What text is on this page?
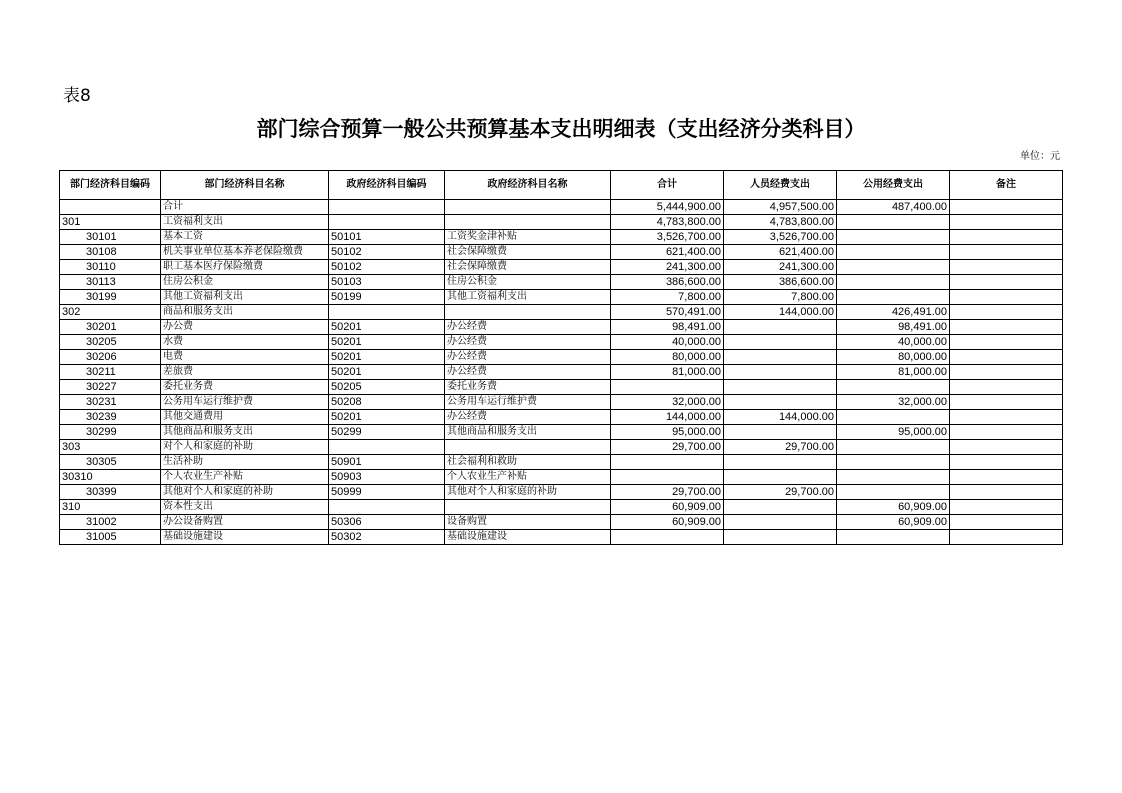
表8
部门综合预算一般公共预算基本支出明细表（支出经济分类科目）
单位：元
部门经济科目编码	部门经济科目名称	政府经济科目编码	政府经济科目名称	合计	人员经费支出	公用经费支出	备注
	合计			5,444,900.00	4,957,500.00	487,400.00	
301	工资福利支出			4,783,800.00	4,783,800.00		
30101	基本工资	50101	工资奖金津补贴	3,526,700.00	3,526,700.00		
30108	机关事业单位基本养老保险缴费	50102	社会保障缴费	621,400.00	621,400.00		
30110	职工基本医疗保险缴费	50102	社会保障缴费	241,300.00	241,300.00		
30113	住房公积金	50103	住房公积金	386,600.00	386,600.00		
30199	其他工资福利支出	50199	其他工资福利支出	7,800.00	7,800.00		
302	商品和服务支出			570,491.00	144,000.00	426,491.00	
30201	办公费	50201	办公经费	98,491.00		98,491.00	
30205	水费	50201	办公经费	40,000.00		40,000.00	
30206	电费	50201	办公经费	80,000.00		80,000.00	
30211	差旅费	50201	办公经费	81,000.00		81,000.00	
30227	委托业务费	50205	委托业务费				
30231	公务用车运行维护费	50208	公务用车运行维护费	32,000.00		32,000.00	
30239	其他交通费用	50201	办公经费	144,000.00	144,000.00		
30299	其他商品和服务支出	50299	其他商品和服务支出	95,000.00		95,000.00	
303	对个人和家庭的补助			29,700.00	29,700.00		
30305	生活补助	50901	社会福利和救助				
30310	个人农业生产补贴	50903	个人农业生产补贴				
30399	其他对个人和家庭的补助	50999	其他对个人和家庭的补助	29,700.00	29,700.00		
310	资本性支出			60,909.00		60,909.00	
31002	办公设备购置	50306	设备购置	60,909.00		60,909.00	
31005	基础设施建设	50302	基础设施建设				
